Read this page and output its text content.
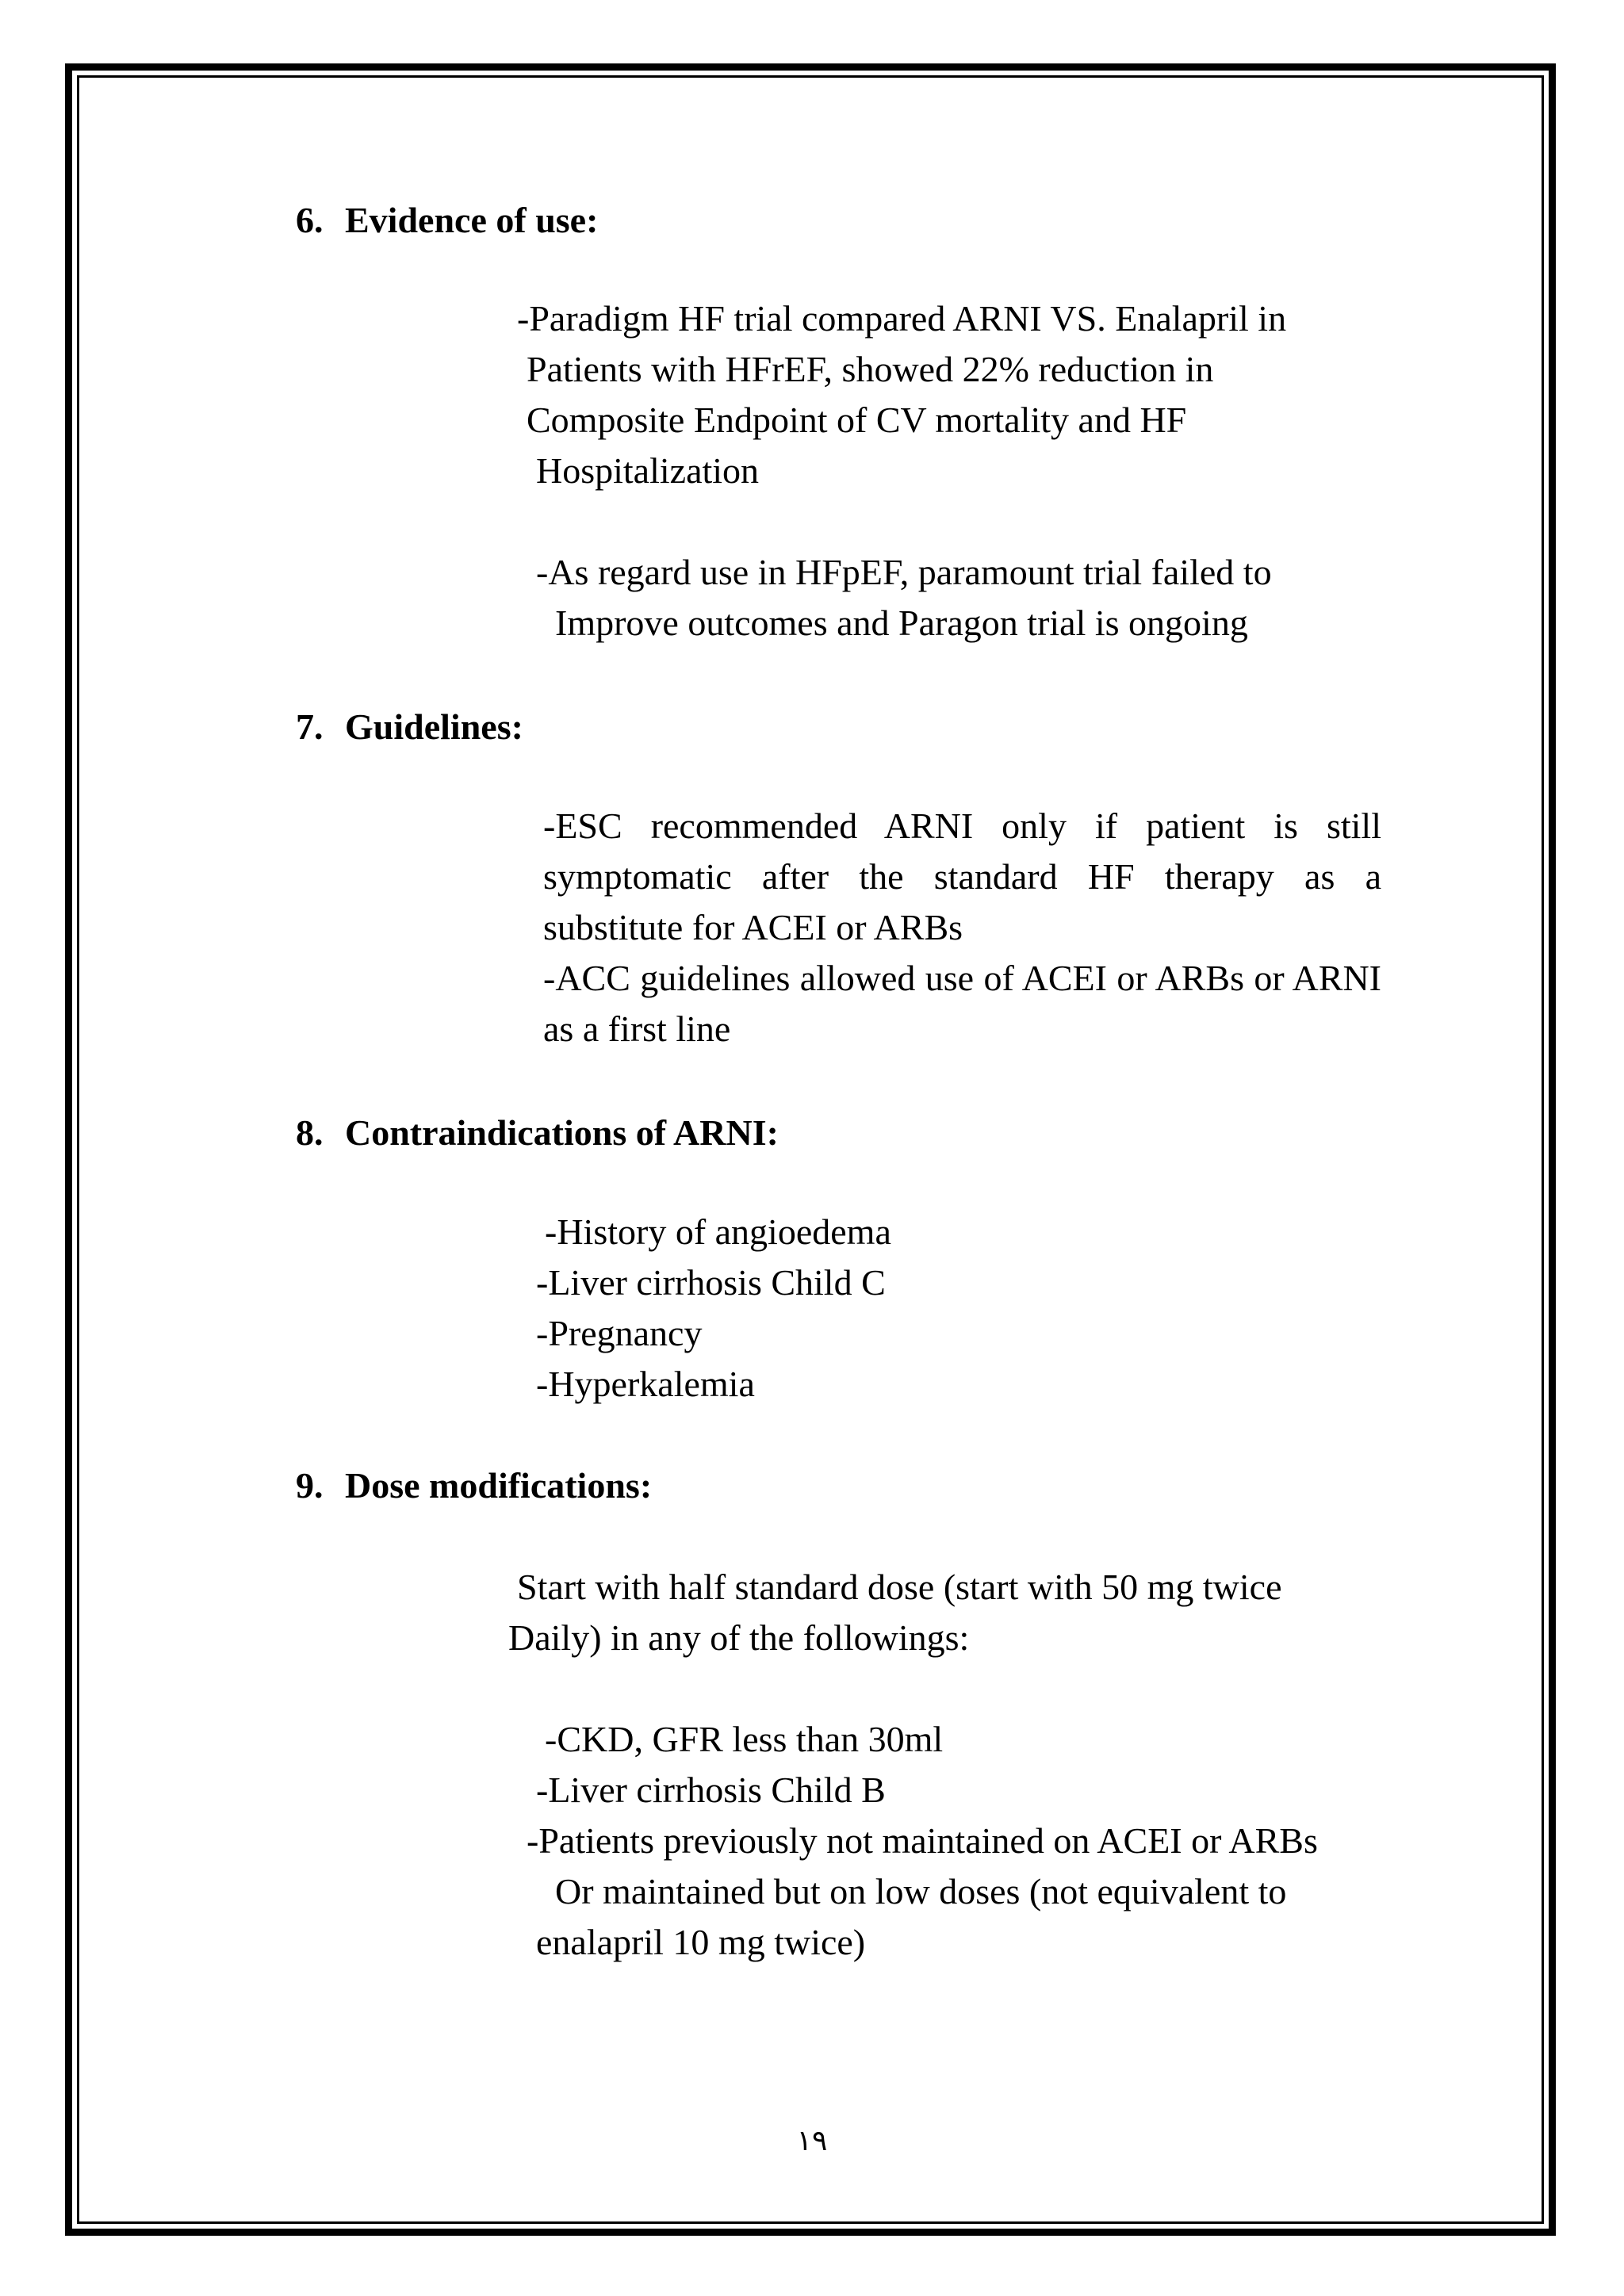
6. Evidence of use:
-Paradigm HF trial compared ARNI VS. Enalapril in
Patients with HFrEF, showed 22% reduction in
Composite Endpoint of CV mortality and HF
Hospitalization
-As regard use in HFpEF, paramount trial failed to
Improve outcomes and Paragon trial is ongoing
7. Guidelines:
-ESC recommended ARNI only if patient is still symptomatic after the standard HF therapy as a substitute for ACEI or ARBs
-ACC guidelines allowed use of ACEI or ARBs or ARNI as a first line
8. Contraindications of ARNI:
-History of angioedema
-Liver cirrhosis Child C
-Pregnancy
-Hyperkalemia
9. Dose modifications:
Start with half standard dose (start with 50 mg twice
Daily) in any of the followings:
-CKD, GFR less than 30ml
-Liver cirrhosis Child B
-Patients previously not maintained on ACEI or ARBs
Or maintained but on low doses (not equivalent to
enalapril 10 mg twice)
١٩
